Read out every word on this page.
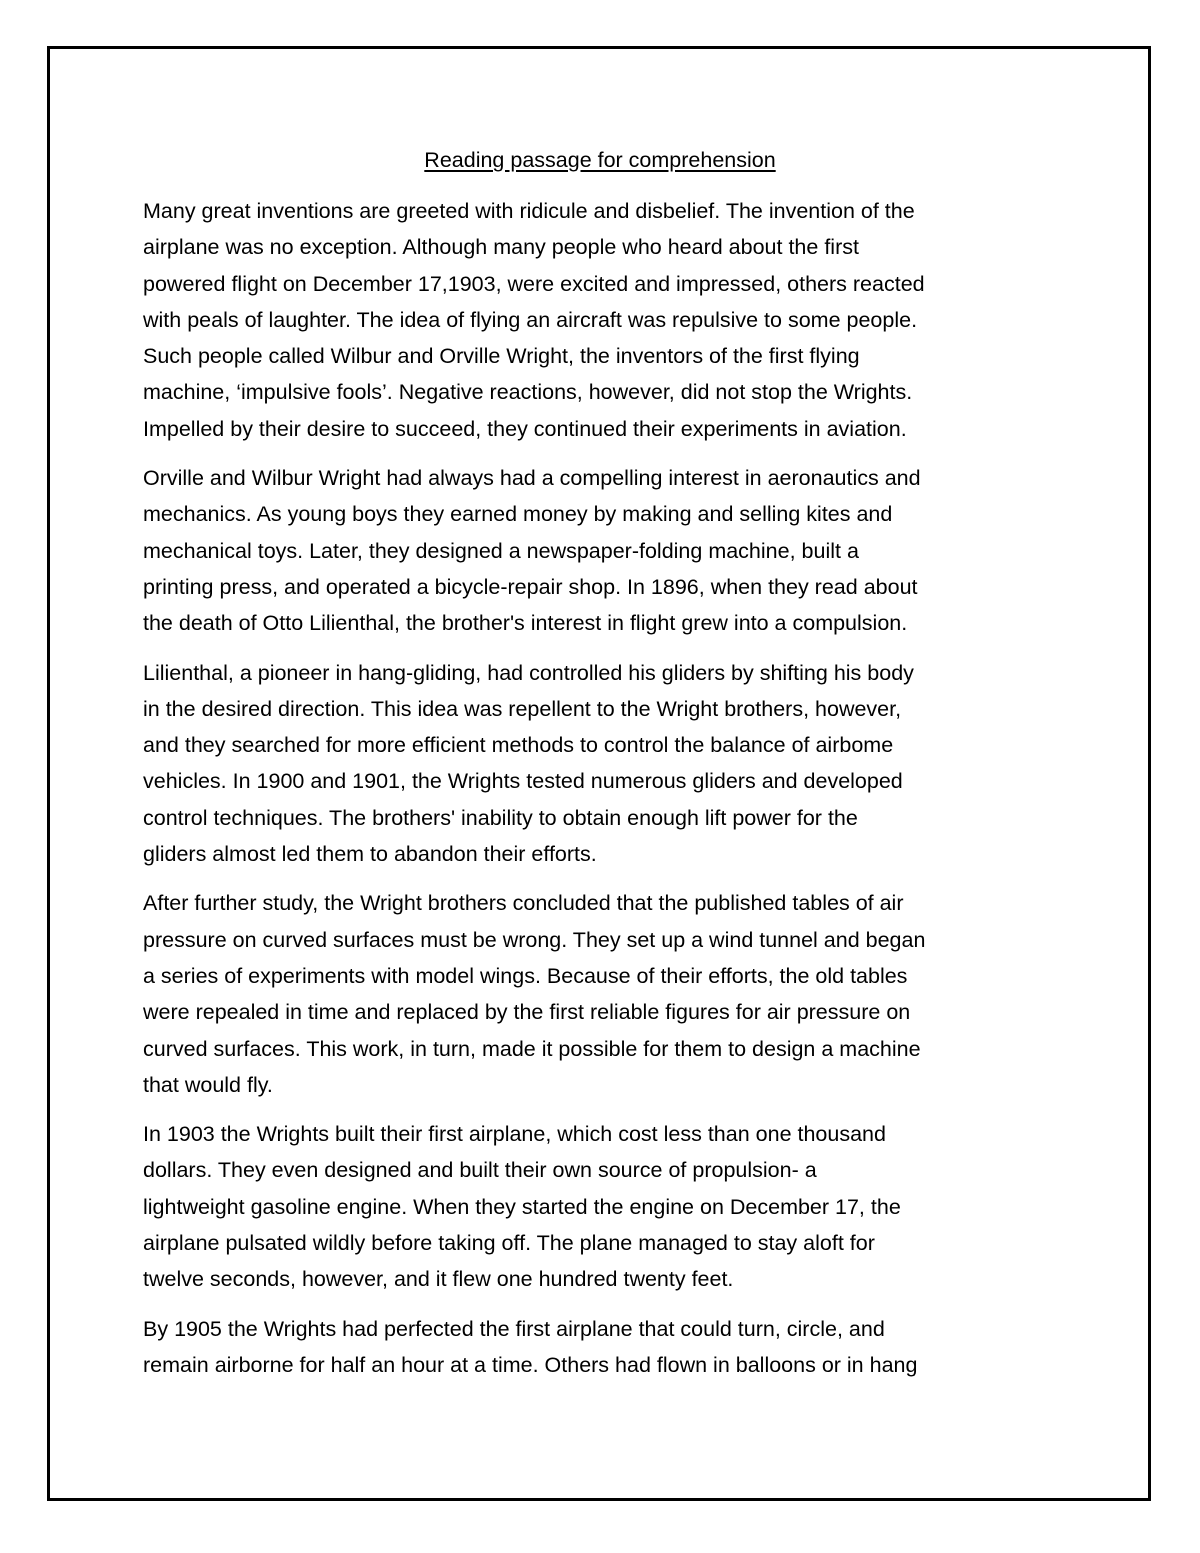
Reading passage for comprehension

Many great inventions are greeted with ridicule and disbelief. The invention of the
airplane was no exception. Although many people who heard about the first
powered flight on December 17,1903, were excited and impressed, others reacted
with peals of laughter. The idea of flying an aircraft was repulsive to some people.
Such people called Wilbur and Orville Wright, the inventors of the first flying
machine, ‘impulsive fools’. Negative reactions, however, did not stop the Wrights.
Impelled by their desire to succeed, they continued their experiments in aviation.

Orville and Wilbur Wright had always had a compelling interest in aeronautics and
mechanics. As young boys they earned money by making and selling kites and
mechanical toys. Later, they designed a newspaper-folding machine, built a
printing press, and operated a bicycle-repair shop. In 1896, when they read about
the death of Otto Lilienthal, the brother's interest in flight grew into a compulsion.

Lilienthal, a pioneer in hang-gliding, had controlled his gliders by shifting his body
in the desired direction. This idea was repellent to the Wright brothers, however,
and they searched for more efficient methods to control the balance of airbome
vehicles. In 1900 and 1901, the Wrights tested numerous gliders and developed
control techniques. The brothers' inability to obtain enough lift power for the
gliders almost led them to abandon their efforts.

After further study, the Wright brothers concluded that the published tables of air
pressure on curved surfaces must be wrong. They set up a wind tunnel and began
a series of experiments with model wings. Because of their efforts, the old tables
were repealed in time and replaced by the first reliable figures for air pressure on
curved surfaces. This work, in turn, made it possible for them to design a machine
that would fly.

In 1903 the Wrights built their first airplane, which cost less than one thousand
dollars. They even designed and built their own source of propulsion- a
lightweight gasoline engine. When they started the engine on December 17, the
airplane pulsated wildly before taking off. The plane managed to stay aloft for
twelve seconds, however, and it flew one hundred twenty feet.

By 1905 the Wrights had perfected the first airplane that could turn, circle, and
remain airborne for half an hour at a time. Others had flown in balloons or in hang
